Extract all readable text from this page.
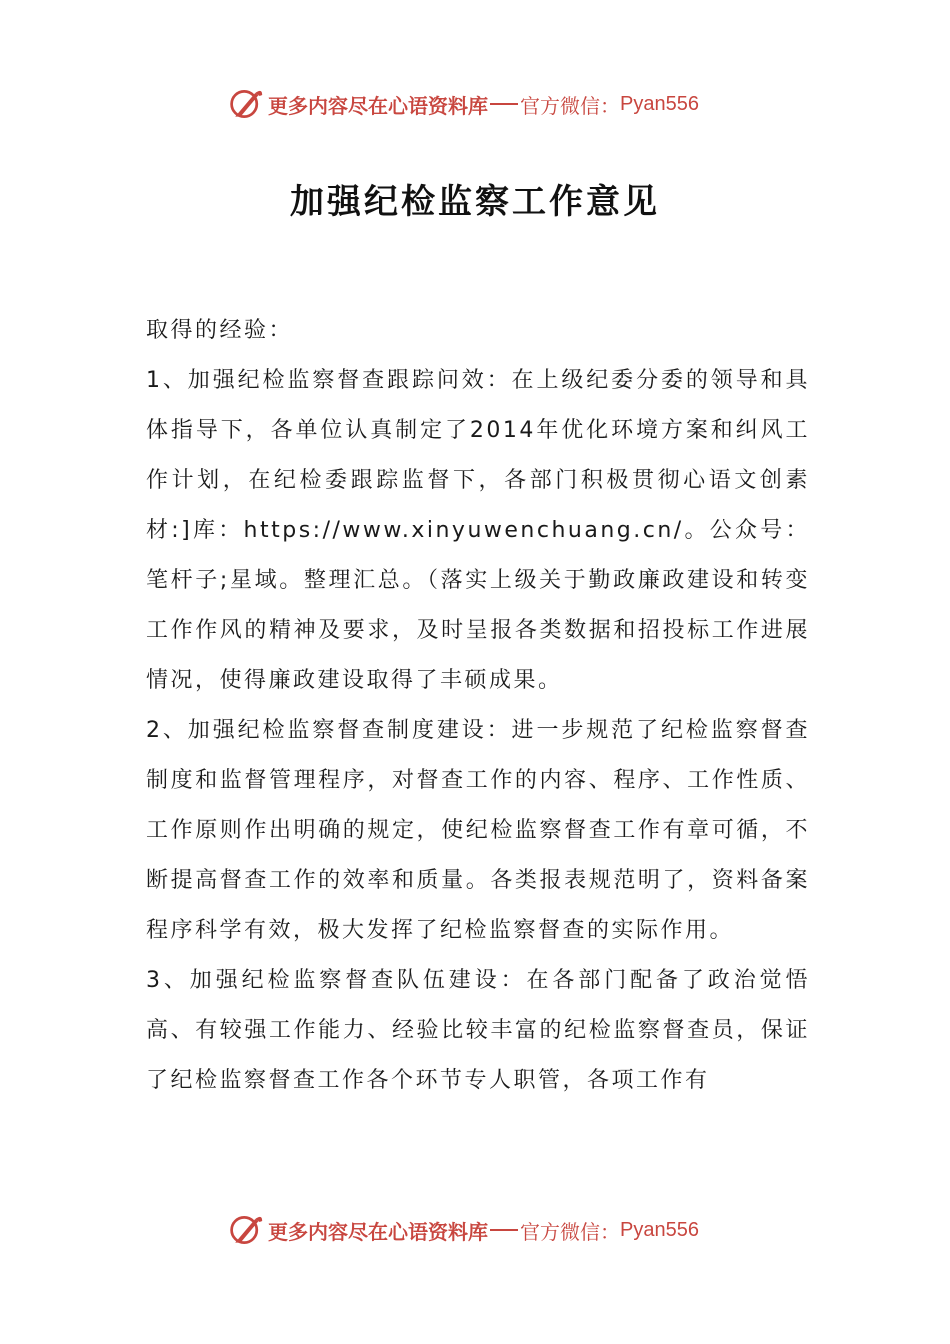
更多内容尽在心语资料库 官方微信： Pyan556
加强纪检监察工作意见

取得的经验：

1、加强纪检监察督查跟踪问效：在上级纪委分委的领导和具体指导下，各单位认真制定了2014年优化环境方案和纠风工作计划，在纪检委跟踪监督下，各部门积极贯彻心语文创素材:]库：https://www.xinyuwenchuang.cn/。公众号：笔杆子;星域。整理汇总。（落实上级关于勤政廉政建设和转变工作作风的精神及要求，及时呈报各类数据和招投标工作进展情况，使得廉政建设取得了丰硕成果。

2、加强纪检监察督查制度建设：进一步规范了纪检监察督查制度和监督管理程序，对督查工作的内容、程序、工作性质、工作原则作出明确的规定，使纪检监察督查工作有章可循，不断提高督查工作的效率和质量。各类报表规范明了，资料备案程序科学有效，极大发挥了纪检监察督查的实际作用。

3、加强纪检监察督查队伍建设：在各部门配备了政治觉悟高、有较强工作能力、经验比较丰富的纪检监察督查员，保证了纪检监察督查工作各个环节专人职管，各项工作有

更多内容尽在心语资料库 官方微信： Pyan556
